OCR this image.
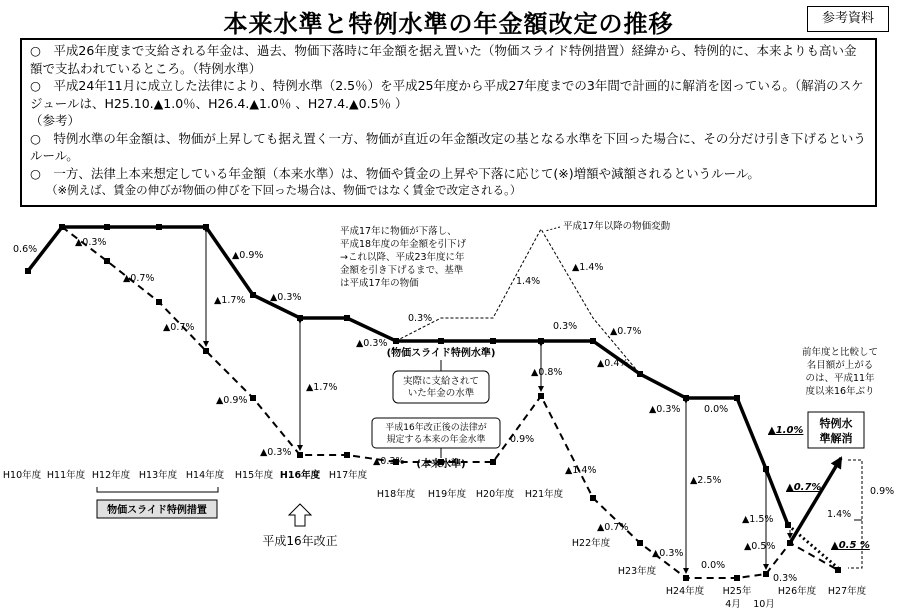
本来水準と特例水準の年金額改定の推移	参考資料

○　平成26年度まで支給される年金は、過去、物価下落時に年金額を据え置いた（物価スライド特例措置）経緯から、特例的に、本来よりも高い金額で支払われているところ。（特例水準）

○　平成24年11月に成立した法律により、特例水準（2.5％）を平成25年度から平成27年度までの3年間で計画的に解消を図っている。（解消のスケジュールは、H25.10.▲1.0％、H26.4.▲1.0％ 、H27.4.▲0.5％ ）

（参考）

○　特例水準の年金額は、物価が上昇しても据え置く一方、物価が直近の年金額改定の基となる水準を下回った場合に、その分だけ引き下げるというルール。

○　一方、法律上本来想定している年金額（本来水準）は、物価や賃金の上昇や下落に応じて(※)増額や減額されるというルール。

（※例えば、賃金の伸びが物価の伸びを下回った場合は、物価ではなく賃金で改定される。）

0.6%
▲0.3%
▲0.7%
▲0.7%
▲0.9%
▲1.7%
▲0.9%
▲0.3%
▲1.7%
▲0.3%
▲0.3%
▲0.3%
0.3%
1.4%
▲1.4%
0.3%	▲0.7%
▲0.4%
▲0.8%
0.9%
▲1.4%
▲0.7%
▲0.3%
0.0%
0.0%
▲2.5%
▲0.3%
▲1.5%
▲0.5%
0.3%
0.9%
1.4%
▲1.0%
▲0.7%
▲0.5 %
H10年度 H11年度 H12年度 H13年度 H14年度 H15年度 H16年度 H17年度
H18年度 H19年度 H20年度 H21年度
H22年度
H23年度
H24年度 H25年
4月 10月
H26年度 H27年度
(物価スライド特例水準)
(本来水準)
物価スライド特例措置
平成16年改正
平成17年以降の物価変動
実際に支給されていた年金の水準
平成16年改正後の法律が規定する本来の年金水準
平成17年に物価が下落し、平成18年度の年金額を引下げ→これ以降、平成23年度に年金額を引き下げるまで、基準は平成17年の物価
前年度と比較して名目額が上がるのは、平成11年度以来16年ぶり
特例水準解消
